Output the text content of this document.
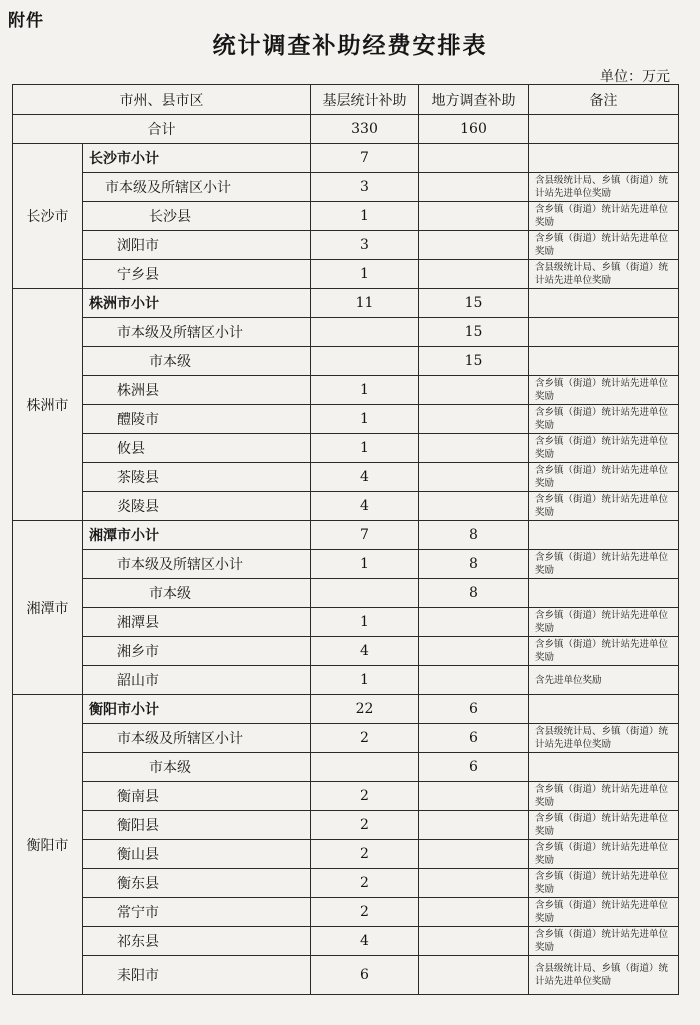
附件
统计调查补助经费安排表
单位：万元
市州、县市区		基层统计补助	地方调查补助	备注
合计		330	160	
长沙市	长沙市小计	7		
	市本级及所辖区小计	3		含县级统计局、乡镇（街道）统计站先进单位奖励
	长沙县	1		含乡镇（街道）统计站先进单位奖励
	浏阳市	3		含乡镇（街道）统计站先进单位奖励
	宁乡县	1		含县级统计局、乡镇（街道）统计站先进单位奖励
株洲市	株洲市小计	11	15	
	市本级及所辖区小计		15	
	市本级		15	
	株洲县	1		含乡镇（街道）统计站先进单位奖励
	醴陵市	1		含乡镇（街道）统计站先进单位奖励
	攸县	1		含乡镇（街道）统计站先进单位奖励
	茶陵县	4		含乡镇（街道）统计站先进单位奖励
	炎陵县	4		含乡镇（街道）统计站先进单位奖励
湘潭市	湘潭市小计	7	8	
	市本级及所辖区小计	1	8	含乡镇（街道）统计站先进单位奖励
	市本级		8	
	湘潭县	1		含乡镇（街道）统计站先进单位奖励
	湘乡市	4		含乡镇（街道）统计站先进单位奖励
	韶山市	1		含先进单位奖励
衡阳市	衡阳市小计	22	6	
	市本级及所辖区小计	2	6	含县级统计局、乡镇（街道）统计站先进单位奖励
	市本级		6	
	衡南县	2		含乡镇（街道）统计站先进单位奖励
	衡阳县	2		含乡镇（街道）统计站先进单位奖励
	衡山县	2		含乡镇（街道）统计站先进单位奖励
	衡东县	2		含乡镇（街道）统计站先进单位奖励
	常宁市	2		含乡镇（街道）统计站先进单位奖励
	祁东县	4		含乡镇（街道）统计站先进单位奖励
	耒阳市	6		含县级统计局、乡镇（街道）统计站先进单位奖励
